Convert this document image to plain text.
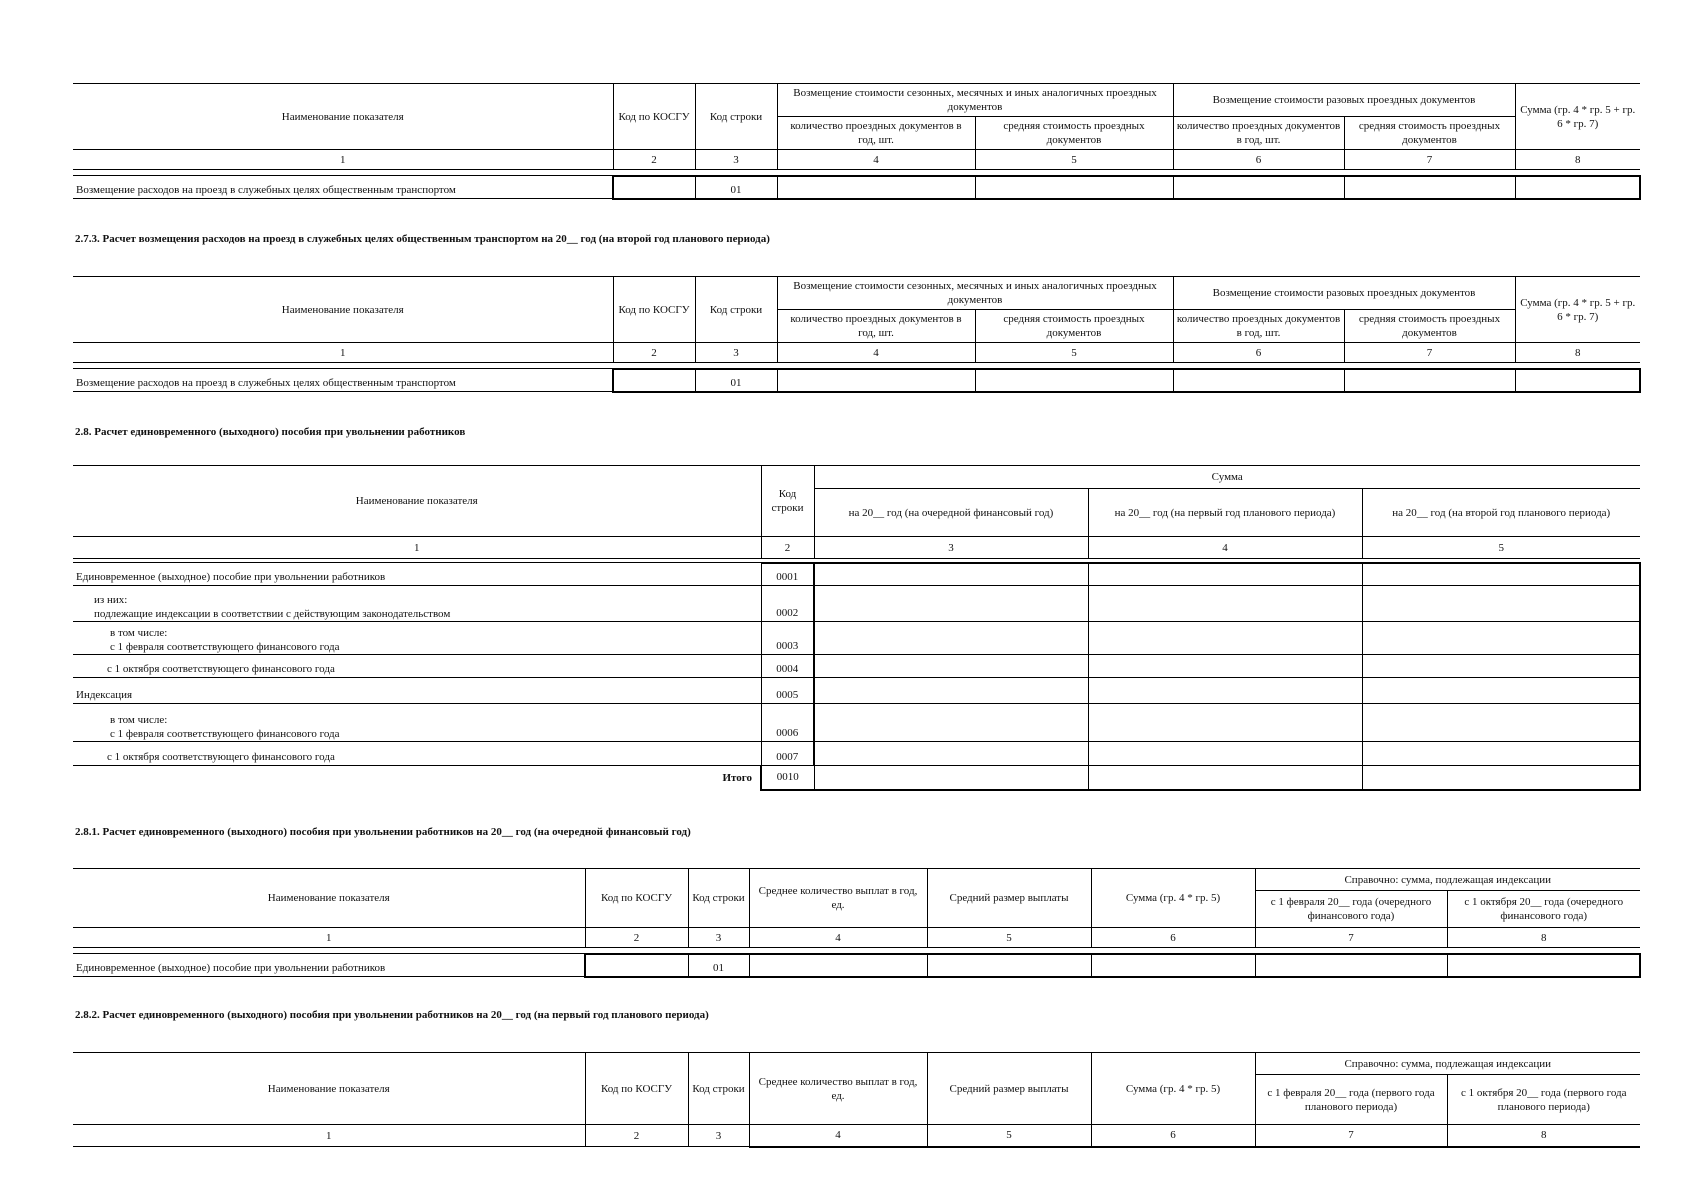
Наименование показателя	Код по КОСГУ	Код строки	Возмещение стоимости сезонных, месячных и иных аналогичных проездных документов		Возмещение стоимости разовых проездных документов		Сумма (гр. 4 * гр. 5 + гр. 6 * гр. 7)
			количество проездных документов в год, шт.	средняя стоимость проездных документов	количество проездных документов в год, шт.	средняя стоимость проездных документов	
1	2	3	4	5	6	7	8

Возмещение расходов на проезд в служебных целях общественным транспортом		01					
2.7.3. Расчет возмещения расходов на проезд в служебных целях общественным транспортом на 20__ год (на второй год планового периода)
Наименование показателя	Код по КОСГУ	Код строки	Возмещение стоимости сезонных, месячных и иных аналогичных проездных документов		Возмещение стоимости разовых проездных документов		Сумма (гр. 4 * гр. 5 + гр. 6 * гр. 7)
			количество проездных документов в год, шт.	средняя стоимость проездных документов	количество проездных документов в год, шт.	средняя стоимость проездных документов	
1	2	3	4	5	6	7	8

Возмещение расходов на проезд в служебных целях общественным транспортом		01					
2.8. Расчет единовременного (выходного) пособия при увольнении работников
Наименование показателя	Код строки	Сумма		
		на 20__ год (на очередной финансовый год)	на 20__ год (на первый год планового периода)	на 20__ год (на второй год планового периода)
1	2	3	4	5

Единовременное (выходное) пособие при увольнении работников	0001			

из них:
подлежащие индексации в соответствии с действующим законодательством	0002			

в том числе:
с 1 февраля соответствующего финансового года	0003			
с 1 октября соответствующего финансового года	0004			
Индексация	0005			

в том числе:
с 1 февраля соответствующего финансового года	0006			
с 1 октября соответствующего финансового года	0007			
Итого	0010			
2.8.1. Расчет единовременного (выходного) пособия при увольнении работников на 20__ год (на очередной финансовый год)
Наименование показателя	Код по КОСГУ	Код строки	Среднее количество выплат в год, ед.	Средний размер выплаты	Сумма (гр. 4 * гр. 5)	Справочно: сумма, подлежащая индексации	
						с 1 февраля 20__ года (очередного финансового года)	с 1 октября 20__ года (очередного финансового года)
1	2	3	4	5	6	7	8

Единовременное (выходное) пособие при увольнении работников		01					
2.8.2. Расчет единовременного (выходного) пособия при увольнении работников на 20__ год (на первый год планового периода)
Наименование показателя	Код по КОСГУ	Код строки	Среднее количество выплат в год, ед.	Средний размер выплаты	Сумма (гр. 4 * гр. 5)	Справочно: сумма, подлежащая индексации	
						с 1 февраля 20__ года (первого года планового периода)	с 1 октября 20__ года (первого года планового периода)
1	2	3	4	5	6	7	8
